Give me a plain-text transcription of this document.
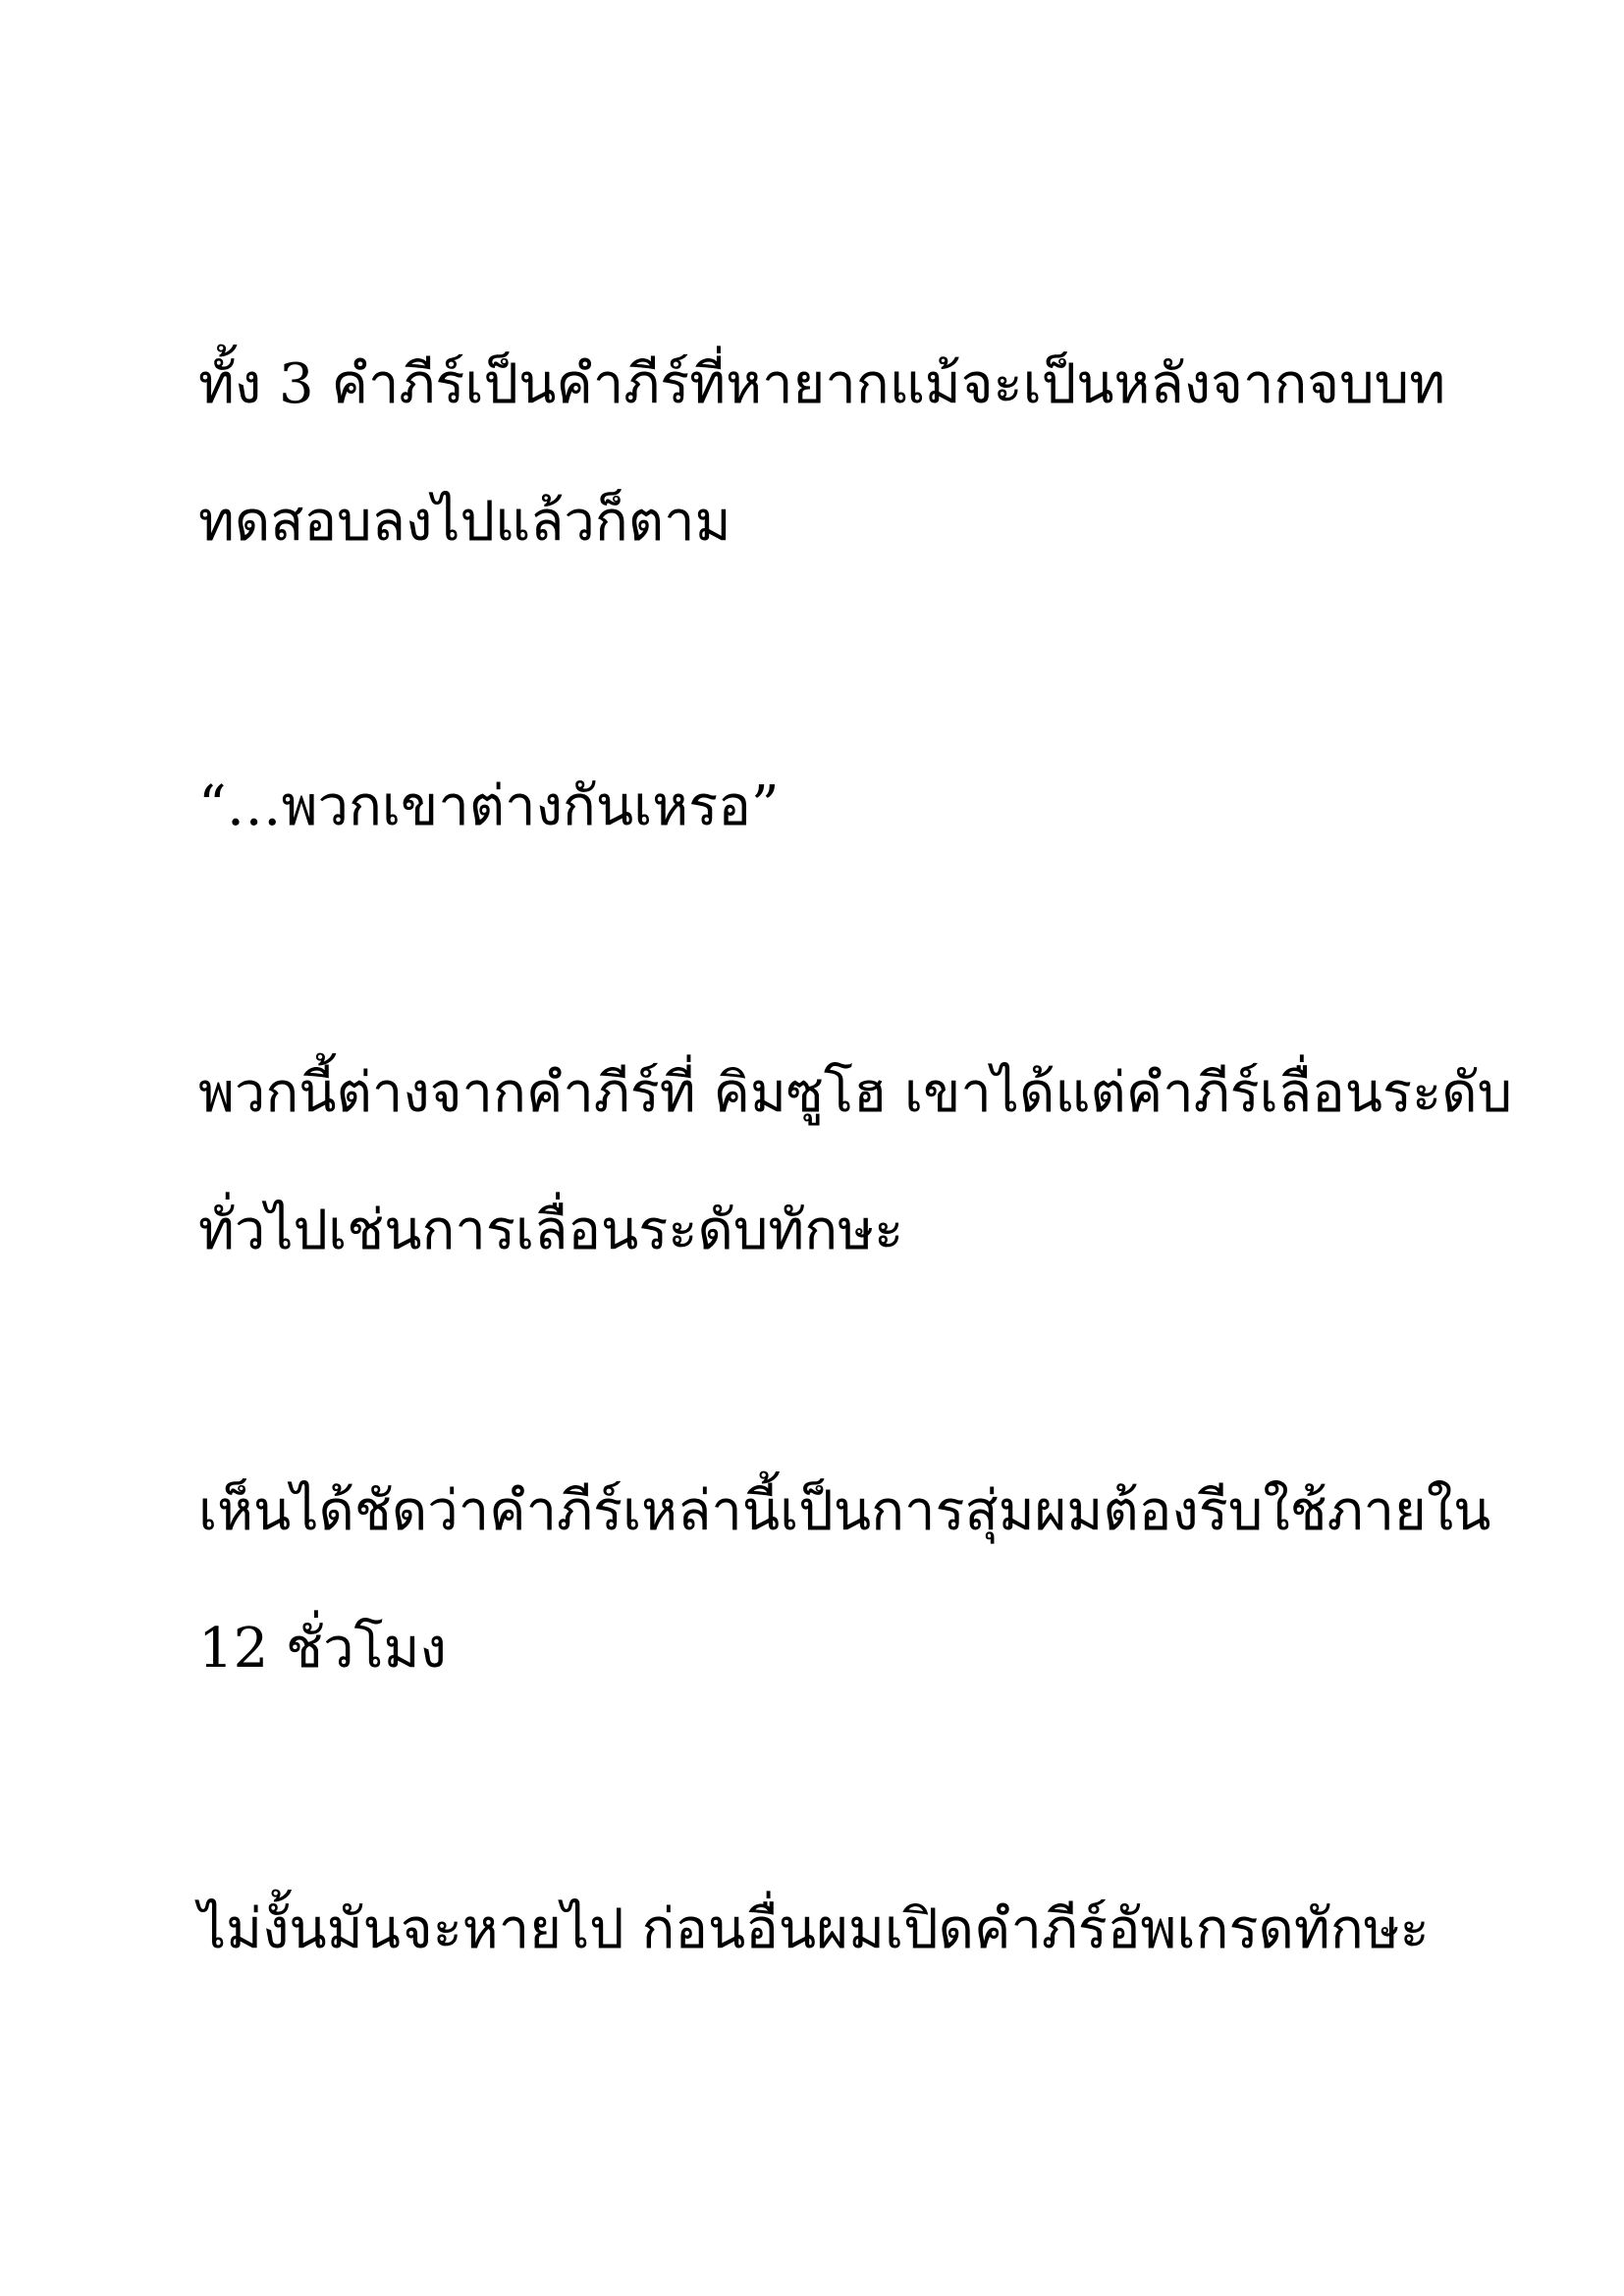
ทั้ง 3 คำภีร์เป็นคำภีร์ที่หายากแม้จะเป็นหลังจากจบบท

ทดสอบลงไปแล้วก็ตาม

“…พวกเขาต่างกันเหรอ”

พวกนี้ต่างจากคำภีร์ที่ คิมซูโฮ เขาได้แต่คำภีร์เลื่อนระดับ

ทั่วไปเช่นการเลื่อนระดับทักษะ

เห็นได้ชัดว่าคำภีร์เหล่านี้เป็นการสุ่มผมต้องรีบใช้ภายใน

12 ชั่วโมง

ไม่งั้นมันจะหายไป ก่อนอื่นผมเปิดคำภีร์อัพเกรดทักษะ
